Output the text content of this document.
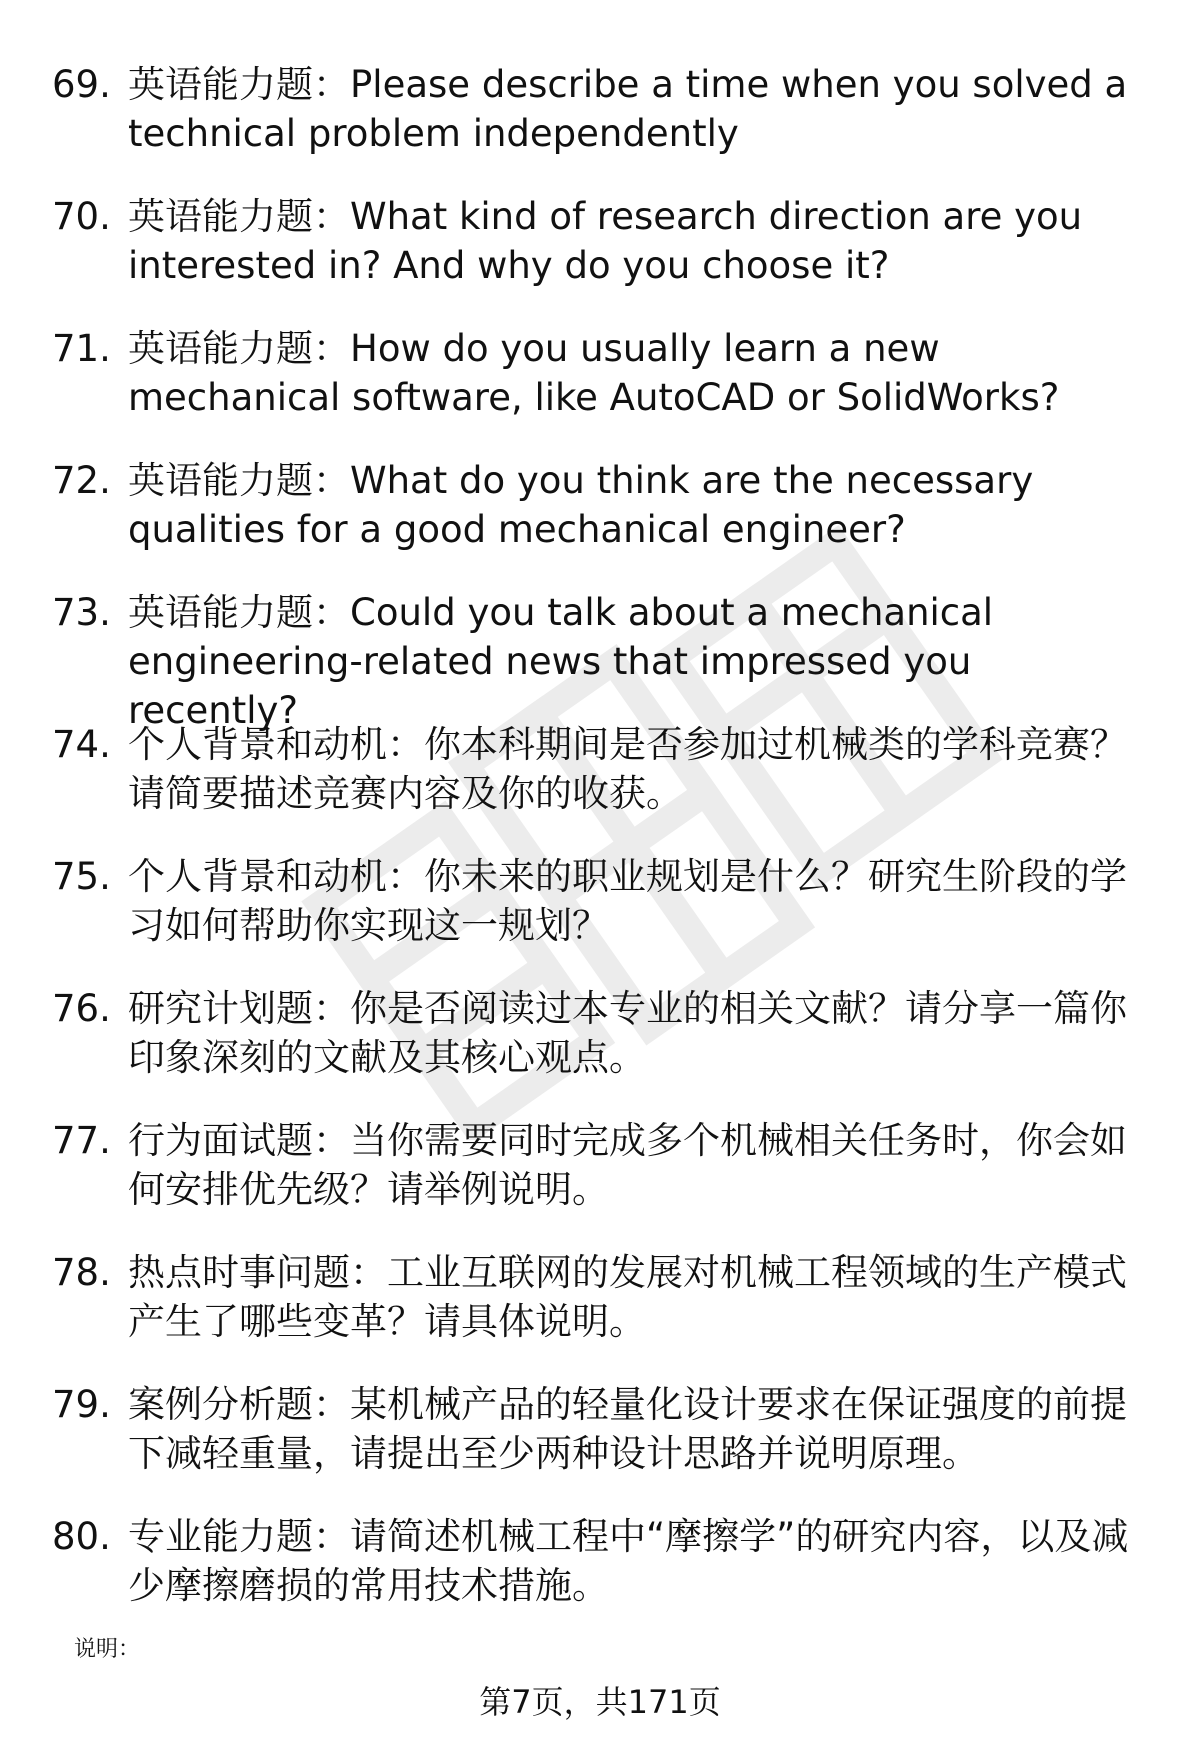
69. 英语能力题：Please describe a time when you solved a technical problem independently
70. 英语能力题：What kind of research direction are you interested in? And why do you choose it?
71. 英语能力题：How do you usually learn a new mechanical software, like AutoCAD or SolidWorks?
72. 英语能力题：What do you think are the necessary qualities for a good mechanical engineer?
73. 英语能力题：Could you talk about a mechanical engineering-related news that impressed you recently?
74. 个人背景和动机：你本科期间是否参加过机械类的学科竞赛？请简要描述竞赛内容及你的收获。
75. 个人背景和动机：你未来的职业规划是什么？研究生阶段的学习如何帮助你实现这一规划？
76. 研究计划题：你是否阅读过本专业的相关文献？请分享一篇你印象深刻的文献及其核心观点。
77. 行为面试题：当你需要同时完成多个机械相关任务时，你会如何安排优先级？请举例说明。
78. 热点时事问题：工业互联网的发展对机械工程领域的生产模式产生了哪些变革？请具体说明。
79. 案例分析题：某机械产品的轻量化设计要求在保证强度的前提下减轻重量，请提出至少两种设计思路并说明原理。
80. 专业能力题：请简述机械工程中“摩擦学”的研究内容，以及减少摩擦磨损的常用技术措施。
说明：
第7页，共171页
